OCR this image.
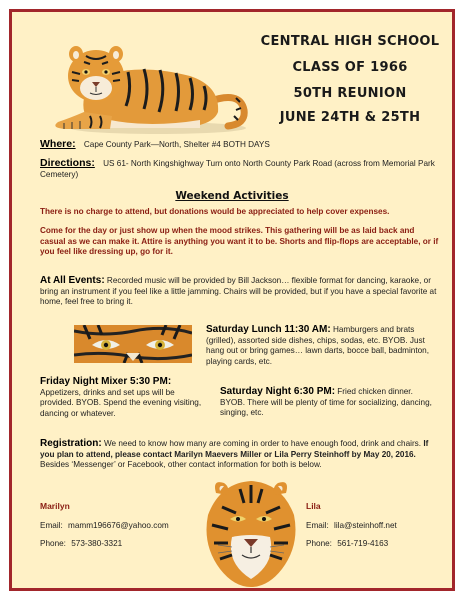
CENTRAL HIGH SCHOOL
CLASS OF 1966
50TH REUNION
JUNE 24TH & 25TH
Where: Cape County Park—North, Shelter #4 BOTH DAYS
Directions: US 61- North Kingshighway Turn onto North County Park Road (across from Memorial Park Cemetery)
Weekend Activities
There is no charge to attend, but donations would be appreciated to help cover expenses.
Come for the day or just show up when the mood strikes. This gathering will be as laid back and casual as we can make it. Attire is anything you want it to be. Shorts and flip-flops are acceptable, or if you feel like dressing up, go for it.
At All Events: Recorded music will be provided by Bill Jackson… flexible format for dancing, karaoke, or bring an instrument if you feel like a little jamming. Chairs will be provided, but if you have a special favorite at home, feel free to bring it.
Saturday Lunch 11:30 AM: Hamburgers and brats (grilled), assorted side dishes, chips, sodas, etc. BYOB. Just hang out or bring games… lawn darts, bocce ball, badminton, playing cards, etc.
Friday Night Mixer 5:30 PM:
Appetizers, drinks and set ups will be provided. BYOB. Spend the evening visiting, dancing or whatever.
Saturday Night 6:30 PM: Fried chicken dinner. BYOB. There will be plenty of time for socializing, dancing, singing, etc.
Registration: We need to know how many are coming in order to have enough food, drink and chairs. If you plan to attend, please contact Marilyn Maevers Miller or Lila Perry Steinhoff by May 20, 2016. Besides ‘Messenger’ or Facebook, other contact information for both is below.
Marilyn
Email: mamm196676@yahoo.com
Phone: 573-380-3321
Lila
Email: lila@steinhoff.net
Phone: 561-719-4163
